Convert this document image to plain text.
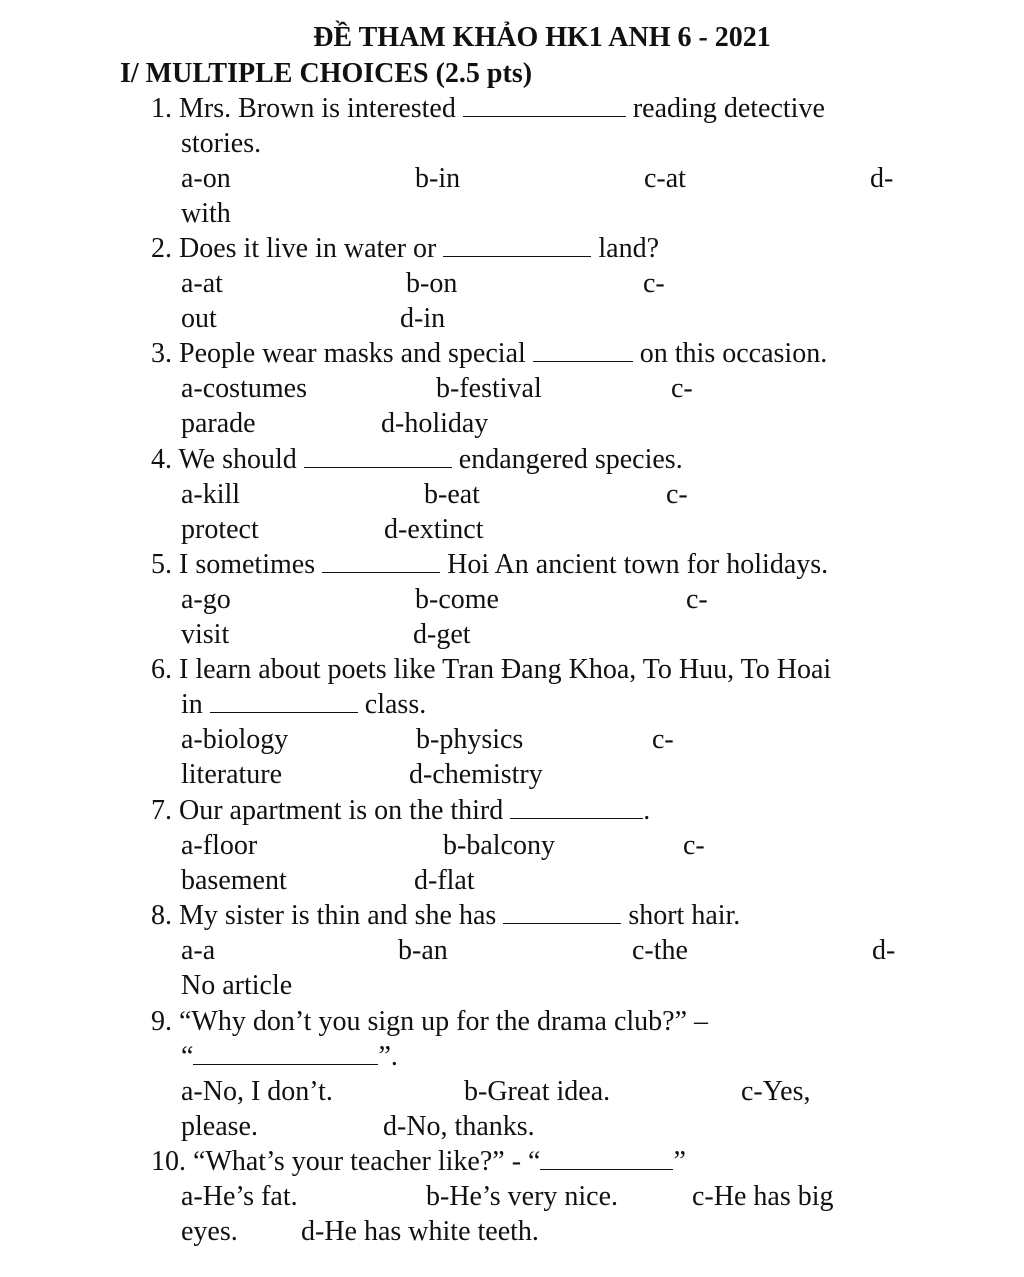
ĐỀ THAM KHẢO HK1 ANH 6 - 2021
I/ MULTIPLE CHOICES (2.5 pts)
1. Mrs. Brown is interested	reading detective
stories.
a-on	b-in	c-at	d-
with
2. Does it live in water or	land?
a-at	b-on	c-
out	d-in
3. People wear masks and special	on this occasion.
a-costumes	b-festival	c-
parade	d-holiday
4. We should	endangered species.
a-kill	b-eat	c-
protect	d-extinct
5. I sometimes	Hoi An ancient town for holidays.
a-go	b-come	c-
visit	d-get
6. I learn about poets like Tran Đang Khoa, To Huu, To Hoai
in	class.
a-biology	b-physics	c-
literature	d-chemistry
7. Our apartment is on the third	.
a-floor	b-balcony	c-
basement	d-flat
8. My sister is thin and she has	short hair.
a-a	b-an	c-the	d-
No article
9. “Why don’t you sign up for the drama club?” –
“	”.
a-No, I don’t.	b-Great idea.	c-Yes,
please.	d-No, thanks.
10. “What’s your teacher like?” - “	”
a-He’s fat.	b-He’s very nice.	c-He has big
eyes. d-He has white teeth.
